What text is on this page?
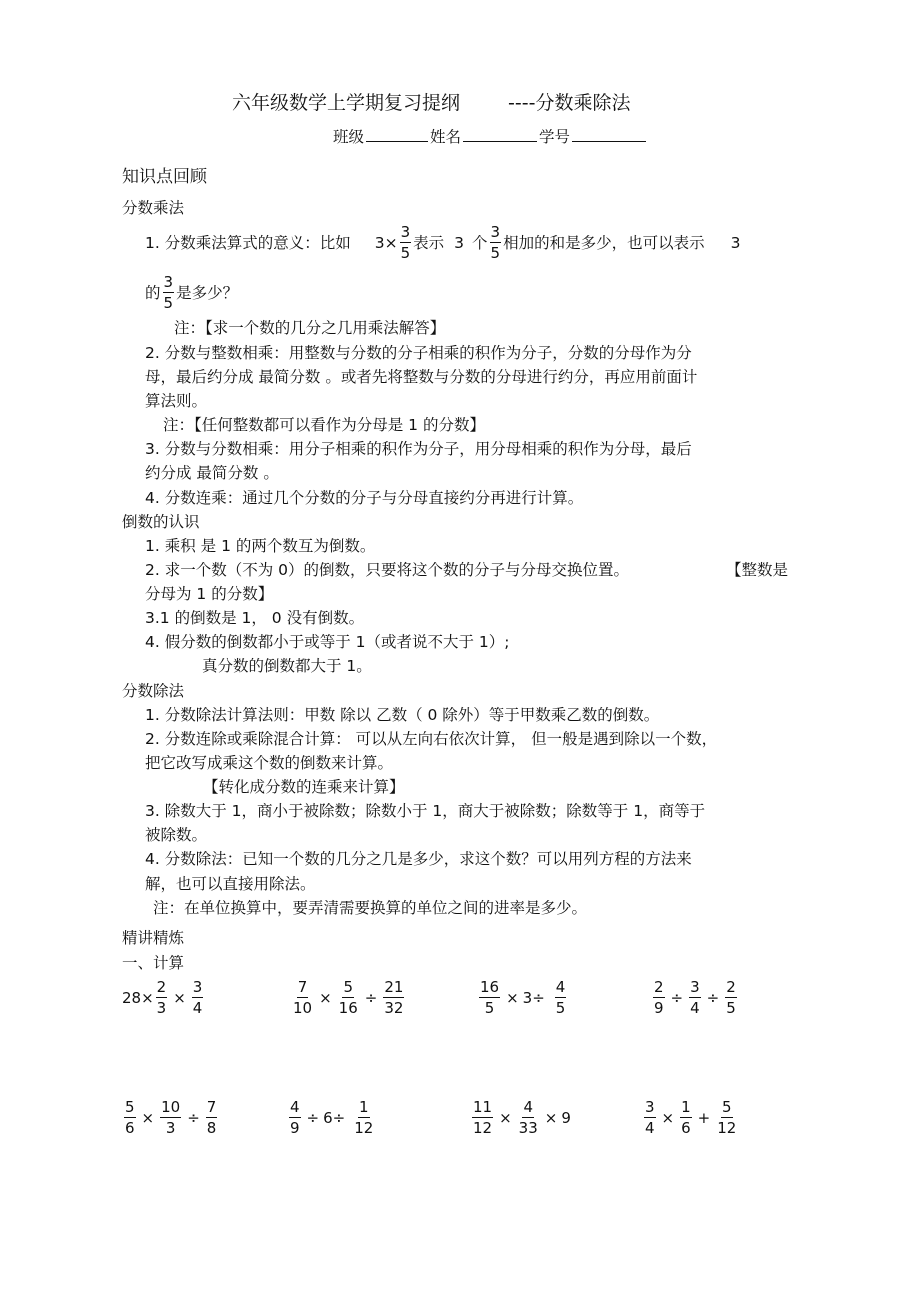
六年级数学上学期复习提纲	----分数乘除法
班级	姓名	学号
知识点回顾
分数乘法
1. 分数乘法算式的意义：比如 $3\times \frac{3}{5}$ 表示 3 个 $\frac{3}{5}$ 相加的和是多少，也可以表示 3
的 $\frac{3}{5}$ 是多少？
注：【求一个数的几分之几用乘法解答】
2. 分数与整数相乘：用整数与分数的分子相乘的积作为分子，分数的分母作为分
母，最后约分成 最简分数 。或者先将整数与分数的分母进行约分，再应用前面计
算法则。
注：【任何整数都可以看作为分母是 1 的分数】
3. 分数与分数相乘：用分子相乘的积作为分子，用分母相乘的积作为分母，最后
约分成 最简分数 。
4. 分数连乘：通过几个分数的分子与分母直接约分再进行计算。
倒数的认识
1. 乘积 是 1 的两个数互为倒数。
2. 求一个数（不为 0）的倒数，只要将这个数的分子与分母交换位置。	【整数是
分母为 1 的分数】
3.1 的倒数是 1， 0 没有倒数。
4. 假分数的倒数都小于或等于 1（或者说不大于 1）;
真分数的倒数都大于 1。
分数除法
1. 分数除法计算法则：甲数 除以 乙数（ 0 除外）等于甲数乘乙数的倒数。
2. 分数连除或乘除混合计算： 可以从左向右依次计算， 但一般是遇到除以一个数，
把它改写成乘这个数的倒数来计算。
【转化成分数的连乘来计算】
3. 除数大于 1，商小于被除数；除数小于 1，商大于被除数；除数等于 1，商等于
被除数。
4. 分数除法：已知一个数的几分之几是多少，求这个数？可以用列方程的方法来
解，也可以直接用除法。
注：在单位换算中，要弄清需要换算的单位之间的进率是多少。
精讲精炼
一、计算
$28\times \frac{2}{3} \times \frac{3}{4}$	$\frac{7}{10} \times \frac{5}{16} \div \frac{21}{32}$	$\frac{16}{5} \times 3\div \frac{4}{5}$	$\frac{2}{9} \div \frac{3}{4} \div \frac{2}{5}$
$\frac{5}{6} \times \frac{10}{3} \div \frac{7}{8}$	$\frac{4}{9} \div 6\div \frac{1}{12}$	$\frac{11}{12} \times \frac{4}{33} \times 9$	$\frac{3}{4} \times \frac{1}{6} + \frac{5}{12}$
